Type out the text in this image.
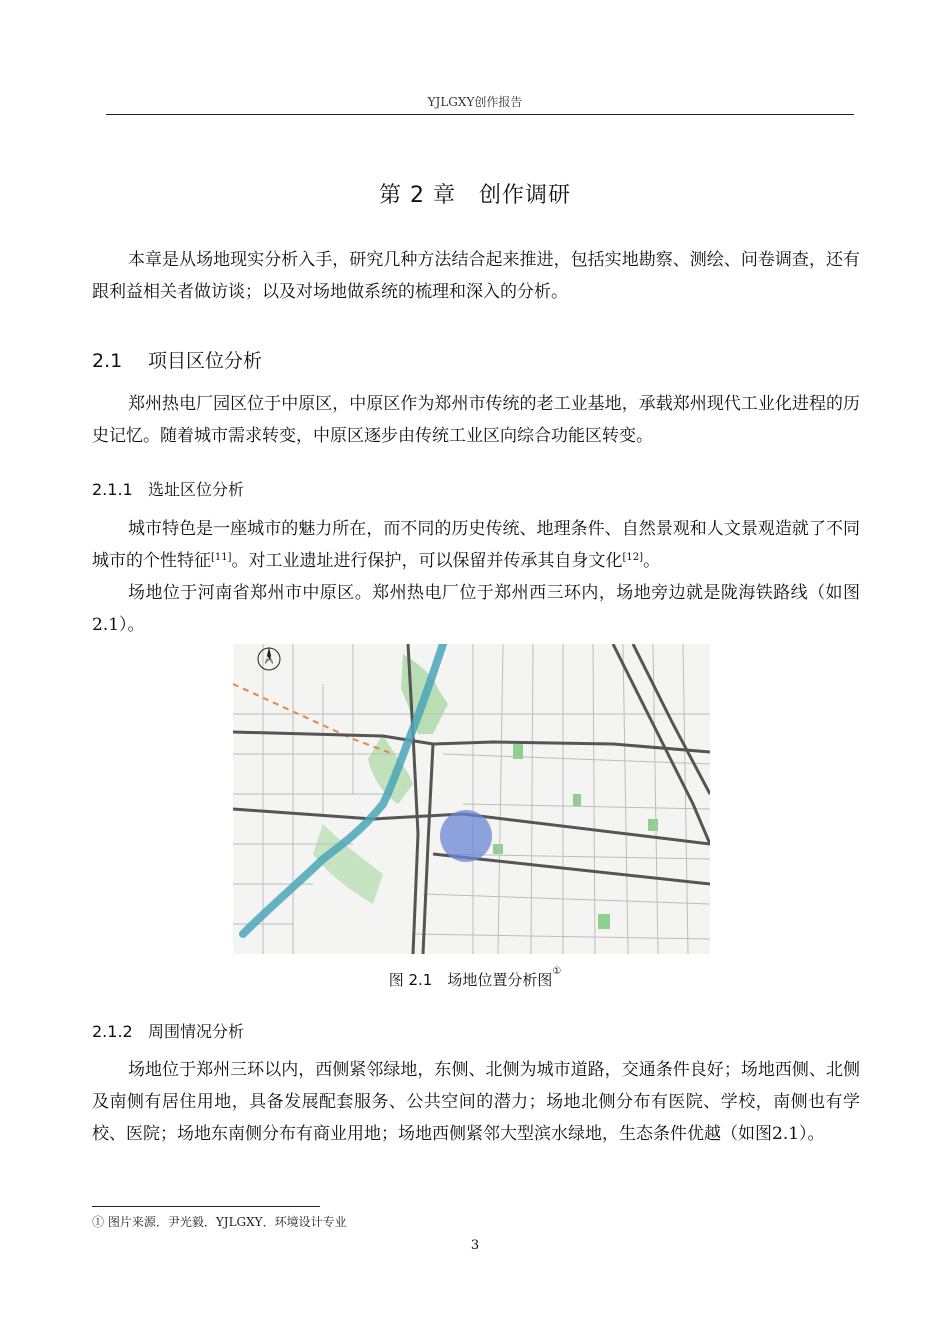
YJLGXY创作报告
第 2 章　创作调研
本章是从场地现实分析入手，研究几种方法结合起来推进，包括实地勘察、测绘、问卷调查，还有跟利益相关者做访谈；以及对场地做系统的梳理和深入的分析。
2.1 项目区位分析
郑州热电厂园区位于中原区，中原区作为郑州市传统的老工业基地，承载郑州现代工业化进程的历史记忆。随着城市需求转变，中原区逐步由传统工业区向综合功能区转变。
2.1.1 选址区位分析
城市特色是一座城市的魅力所在，而不同的历史传统、地理条件、自然景观和人文景观造就了不同城市的个性特征[11]。对工业遗址进行保护，可以保留并传承其自身文化[12]。
场地位于河南省郑州市中原区。郑州热电厂位于郑州西三环内，场地旁边就是陇海铁路线（如图2.1）。
N
图 2.1　场地位置分析图①
2.1.2 周围情况分析
场地位于郑州三环以内，西侧紧邻绿地，东侧、北侧为城市道路，交通条件良好；场地西侧、北侧及南侧有居住用地，具备发展配套服务、公共空间的潜力；场地北侧分布有医院、学校，南侧也有学校、医院；场地东南侧分布有商业用地；场地西侧紧邻大型滨水绿地，生态条件优越（如图2.1）。
① 图片来源．尹光毅．YJLGXY．环境设计专业
3
